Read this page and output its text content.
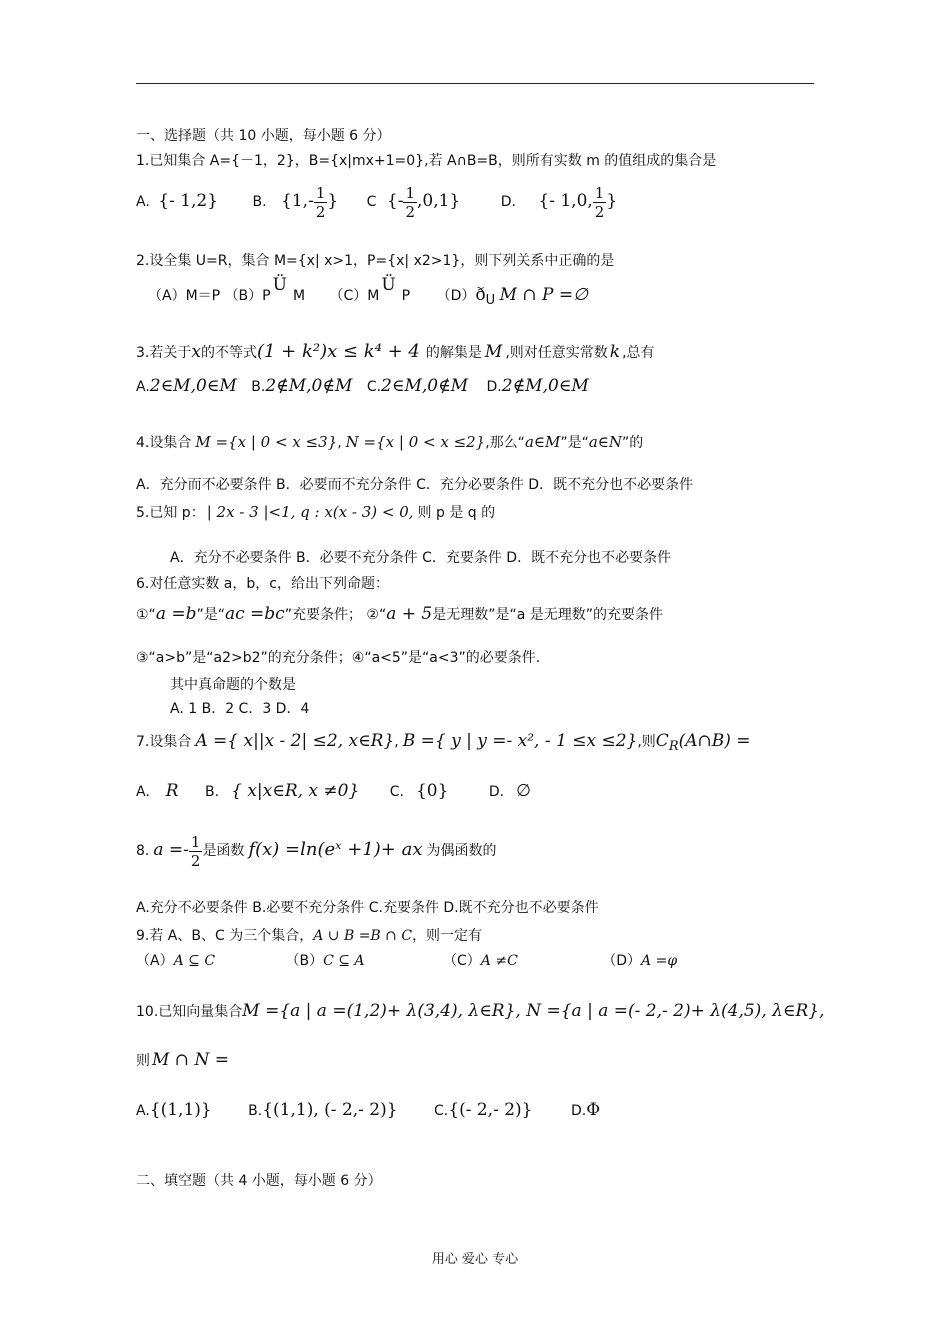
一、选择题（共 10 小题，每小题 6 分）
1.已知集合 A={－1，2}，B={x|mx+1=0},若 A∩B=B，则所有实数 m 的值组成的集合是
A. {- 1,2} B. {$1,- \frac{1}{2}$ } C {- $\frac{1}{2} ,0,1$}	D. {- 1,0, $\frac{1}{2}$ }
2.设全集 U=R，集合 M={x| x>1，P={x| x2>1}，则下列关系中正确的是
（A）M＝P （B）PÜM （C）MÜP $(D)ð_U$ M ∩ P =∅
3.若关于x的不等式(1 + k²)x ≤ k⁴ + 4 的解集是 M ,则对任意实常数 k ,总有
A.2∈M,0∈M B.2∉M,0∉M C.2∈M,0∉M D.2∉M,0∈M
4.设集合 M ={x | 0 < x ≤3}, N ={x | 0 < x ≤2},那么“a∈M”是“a∈N”的
A．充分而不必要条件 B．必要而不充分条件 C．充分必要条件 D．既不充分也不必要条件
5.已知 p： | 2x - 3 |<1, q : x(x - 3) < 0, 则 p 是 q 的
A．充分不必要条件 B．必要不充分条件 C．充要条件 D．既不充分也不必要条件
6.对任意实数 a，b，c，给出下列命题：
①“a =b”是“ac =bc”充要条件； ②“a + 5是无理数”是“a 是无理数”的充要条件
③“a>b”是“a2>b2”的充分条件；④“a<5”是“a<3”的必要条件.
其中真命题的个数是
A. 1 B．2 C．3 D．4
7.设集合 A ={ x||x - 2| ≤2, x∈R}, B ={ y | y =- x², - 1 ≤x ≤2},则$C_R(A\cap B)$ =
A. R B. { x|x∈R, x ≠0} C. {0}	D. ∅
8. $a =- \frac{1}{2}$ 是函数 f(x) =ln(eˣ +1)+ ax 为偶函数的
A.充分不必要条件 B.必要不充分条件 C.充要条件 D.既不充分也不必要条件
9.若 A、B、C 为三个集合，A ∪ B =B ∩ C，则一定有
（A）A ⊆ C	（B）C ⊆ A	（C）A ≠C	（D）A =φ
10.已知向量集合M ={a | a =(1,2)+ λ(3,4), λ∈R}, N ={a | a =(- 2,- 2)+ λ(4,5), λ∈R},
则 M ∩ N =
A.{(1,1)}	B.{(1,1), (- 2,- 2)}	C.{(- 2,- 2)}	D.Φ
二、填空题（共 4 小题，每小题 6 分）
用心 爱心 专心
